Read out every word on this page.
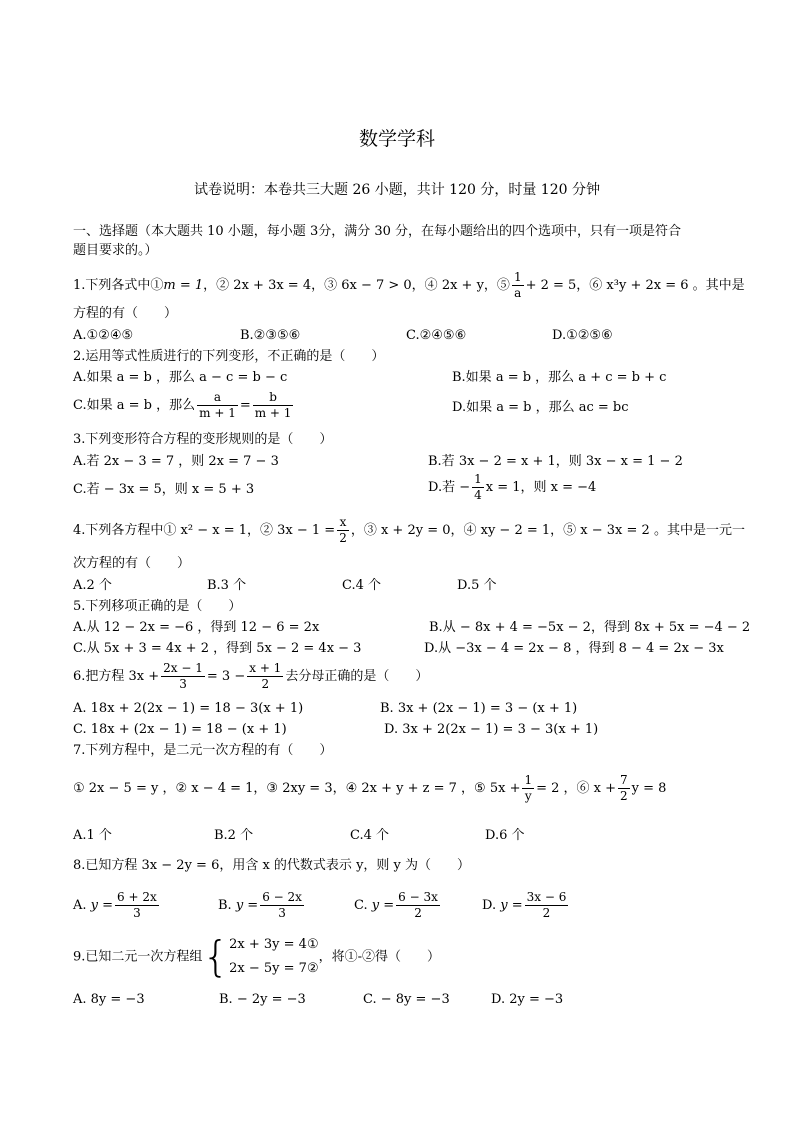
数学学科
试卷说明：本卷共三大题 26 小题，共计 120 分，时量 120 分钟
一、选择题（本大题共 10 小题，每小题 3分，满分 30 分，在每小题给出的四个选项中，只有一项是符合
题目要求的。）
1.下列各式中①m = 1，② 2x + 3x = 4，③ 6x − 7 > 0，④ 2x + y，⑤ $\frac{1}{a} + 2 = 5$，⑥ x³y + 2x = 6 。其中是
方程的有（　　）
A.①②④⑤	B.②③⑤⑥	C.②④⑤⑥	D.①②⑤⑥
2.运用等式性质进行的下列变形，不正确的是（　　）
A.如果 a = b ，那么 a − c = b − c	B.如果 a = b ，那么 a + c = b + c
C.如果 a = b ，那么 $\frac{a}{m + 1} = \frac{b}{m + 1}$	D.如果 a = b ，那么 ac = bc
3.下列变形符合方程的变形规则的是（　　）
A.若 2x − 3 = 7 ，则 2x = 7 − 3	B.若 3x − 2 = x + 1，则 3x − x = 1 − 2
C.若 − 3x = 5，则 x = 5 + 3	D.若 − $\frac{1}{4}$ x = 1，则 x = −4
4.下列各方程中① x² − x = 1，② $3x - 1 = \frac{x}{2}$ ，③ x + 2y = 0，④ xy − 2 = 1，⑤ x − 3x = 2 。其中是一元一
次方程的有（　　）
A.2 个	B.3 个	C.4 个	D.5 个
5.下列移项正确的是（　　）
A.从 12 − 2x = −6 ，得到 12 − 6 = 2x	B.从 − 8x + 4 = −5x − 2，得到 8x + 5x = −4 − 2
C.从 5x + 3 = 4x + 2 ，得到 5x − 2 = 4x − 3	D.从 −3x − 4 = 2x − 8 ，得到 8 − 4 = 2x − 3x
6.把方程 $3x + \frac{2x - 1}{3} = 3 - \frac{x + 1}{2}$ 去分母正确的是（　　）
A. 18x + 2(2x − 1) = 18 − 3(x + 1)	B. 3x + (2x − 1) = 3 − (x + 1)
C. 18x + (2x − 1) = 18 − (x + 1)	D. 3x + 2(2x − 1) = 3 − 3(x + 1)
7.下列方程中，是二元一次方程的有（　　）
① 2x − 5 = y ，② x − 4 = 1，③ 2xy = 3，④ 2x + y + z = 7 ，⑤ $5x + \frac{1}{y} = 2$ ，⑥ $x + \frac{7}{2}$ y = 8
A.1 个	B.2 个	C.4 个	D.6 个
8.已知方程 3x − 2y = 6，用含 x 的代数式表示 y，则 y 为（　　）
A. $y = \frac{6 + 2x}{3}$	B. $y = \frac{6 - 2x}{3}$	C. $y = \frac{6 - 3x}{2}$	D. $y = \frac{3x - 6}{2}$
9.已知二元一次方程组{ 2x + 3y = 4①
2x − 5y = 7②
，将①-②得（　　）
A. 8y = −3	B. − 2y = −3	C. − 8y = −3	D. 2y = −3
